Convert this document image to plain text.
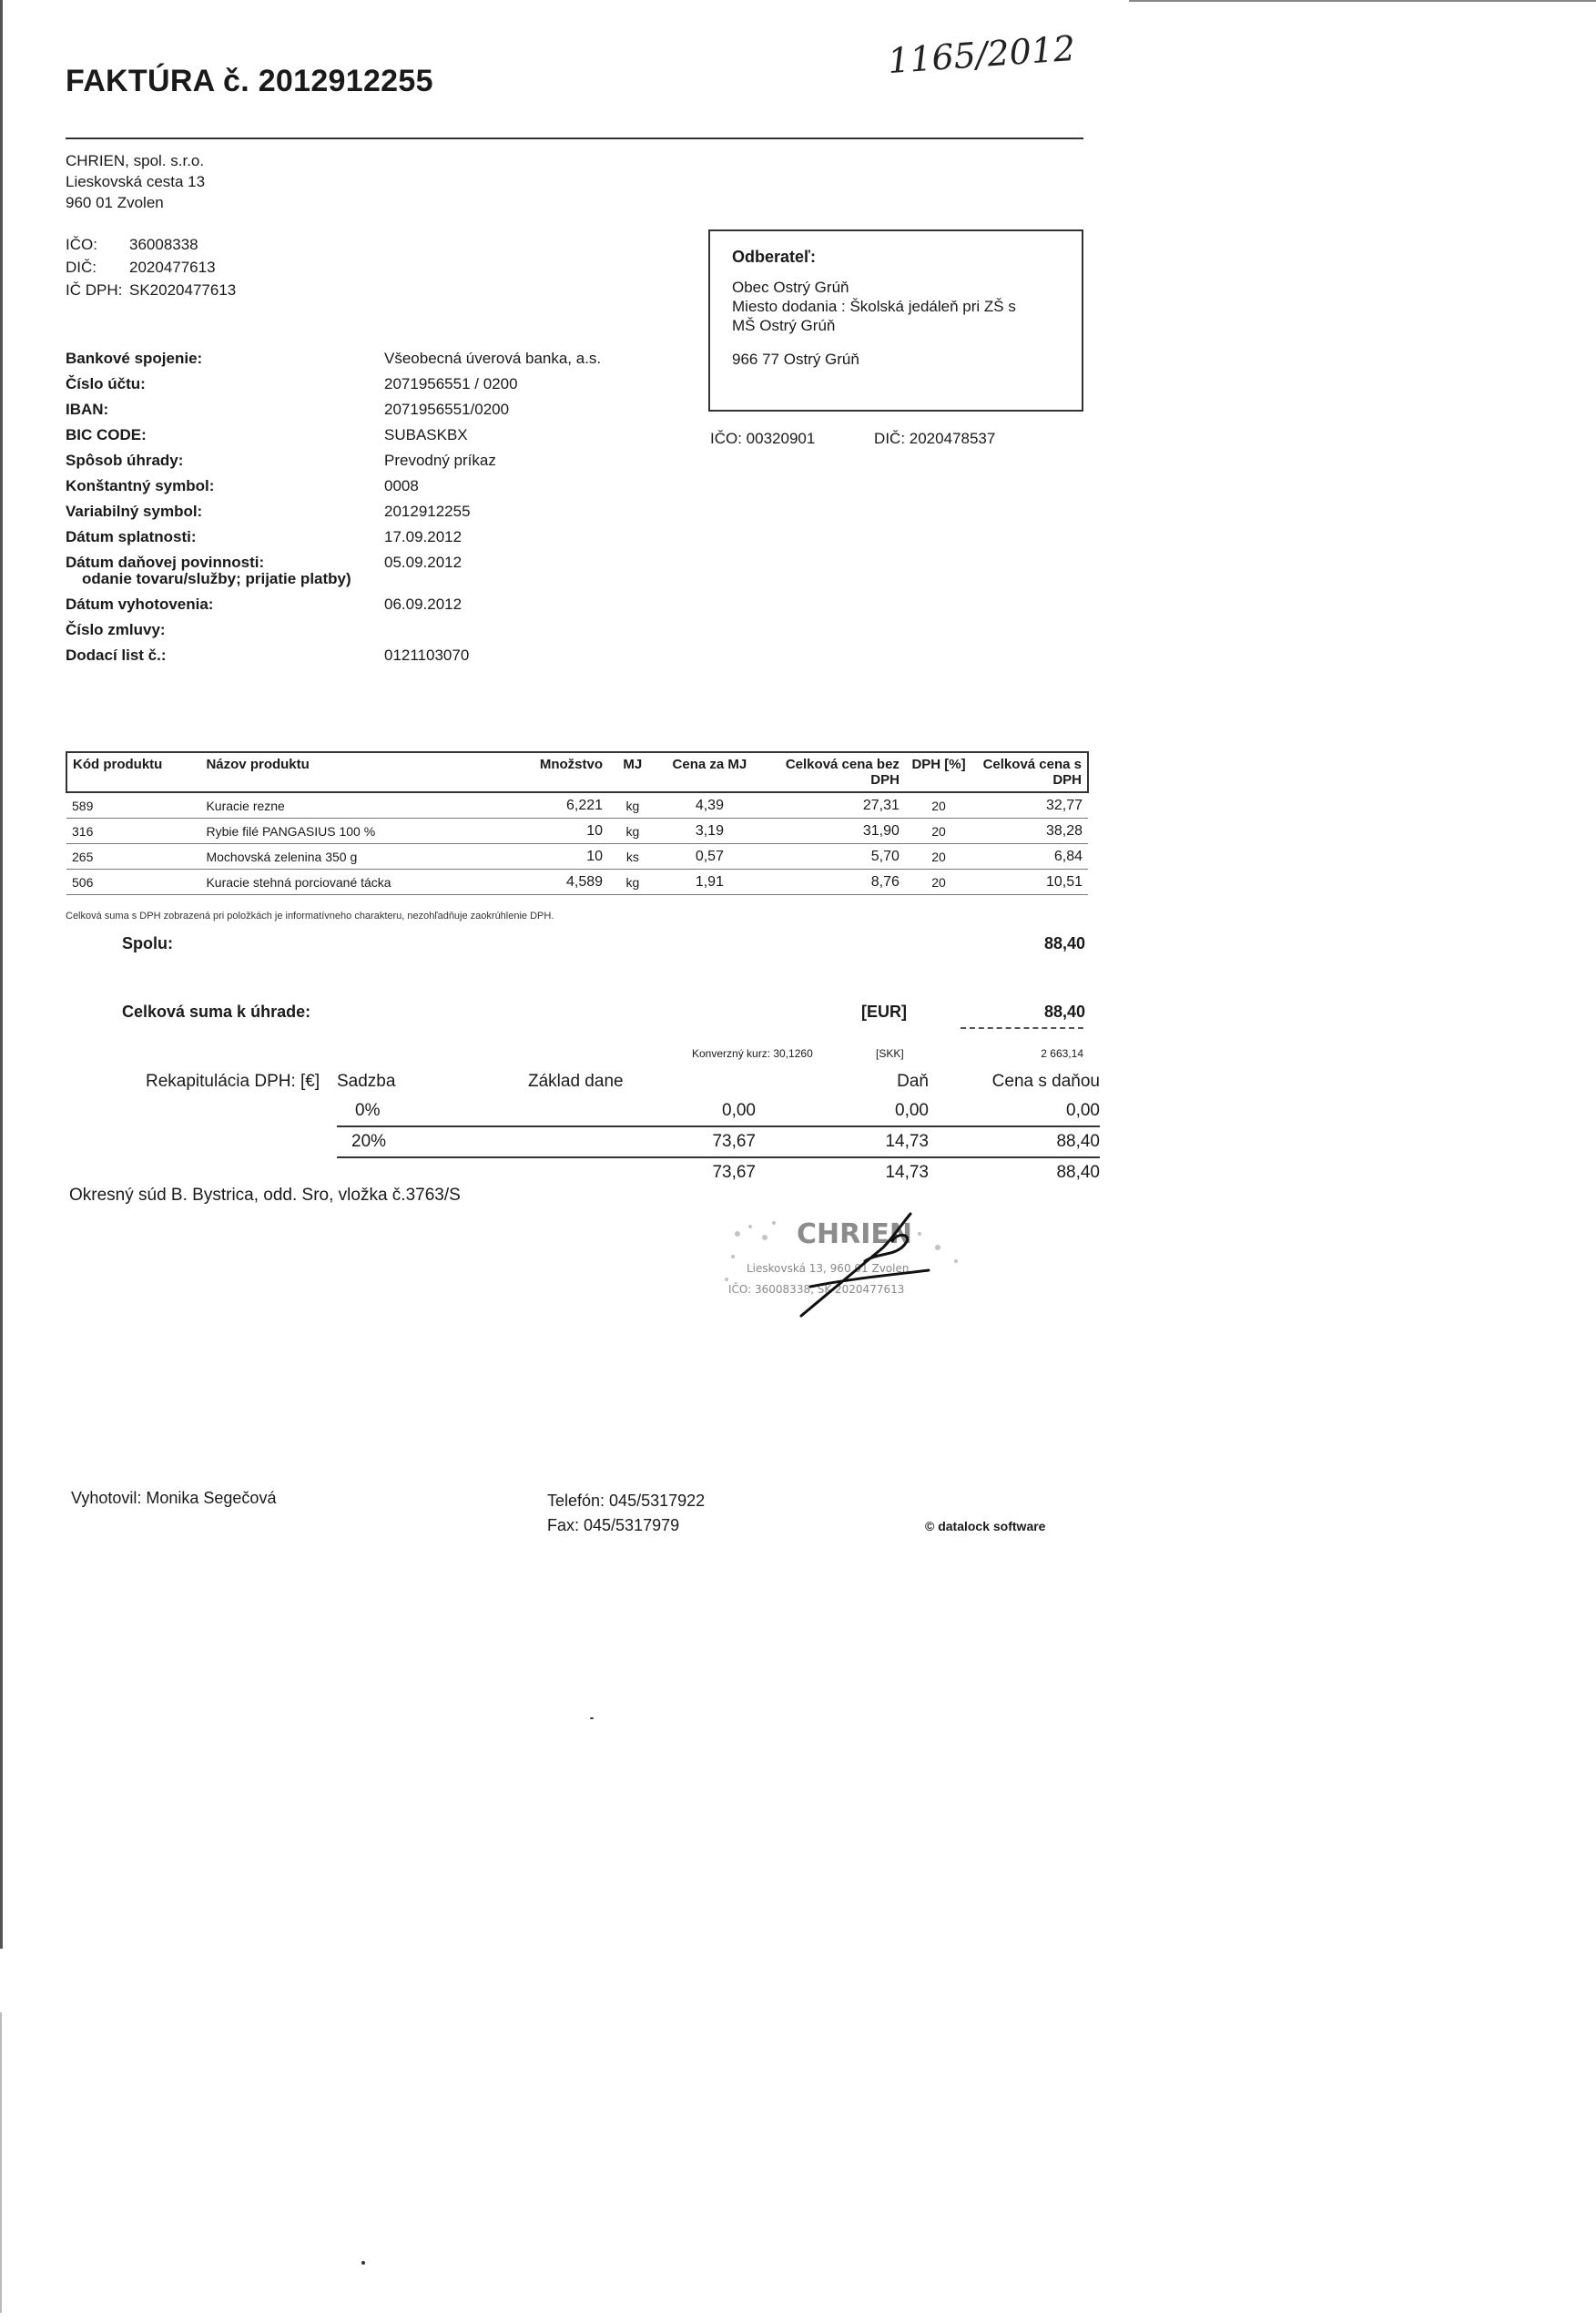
FAKTÚRA č. 2012912255	1165/2012
CHRIEN, spol. s.r.o.
Lieskovská cesta 13
960 01 Zvolen
IČO: 36008338
DIČ: 2020477613
IČ DPH: SK2020477613
Bankové spojenie:	Všeobecná úverová banka, a.s.
Číslo účtu:	2071956551 / 0200
IBAN:	2071956551/0200
BIC CODE:	SUBASKBX
Spôsob úhrady:	Prevodný príkaz
Konštantný symbol:	0008
Variabilný symbol:	2012912255
Dátum splatnosti:	17.09.2012
Dátum daňovej povinnosti:	05.09.2012
odanie tovaru/služby; prijatie platby)
Dátum vyhotovenia:	06.09.2012
Číslo zmluvy:
Dodací list č.:	0121103070
Odberateľ:
Obec Ostrý Grúň
Miesto dodania : Školská jedáleň pri ZŠ s
MŠ Ostrý Grúň
966 77 Ostrý Grúň
IČO: 00320901	DIČ: 2020478537
Kód produktu	Názov produktu	Množstvo	MJ	Cena za MJ	Celková cena bez DPH	DPH [%]	Celková cena s DPH
589	Kuracie rezne	6,221	kg	4,39	27,31	20	32,77
316	Rybie filé PANGASIUS 100 %	10	kg	3,19	31,90	20	38,28
265	Mochovská zelenina 350 g	10	ks	0,57	5,70	20	6,84
506	Kuracie stehná porciované tácka	4,589	kg	1,91	8,76	20	10,51
Celková suma s DPH zobrazená pri položkách je informatívneho charakteru, nezohľadňuje zaokrúhlenie DPH.
Spolu:	88,40
Celková suma k úhrade:	[EUR]	88,40
Konverzný kurz: 30,1260	[SKK]	2 663,14
Rekapitulácia DPH: [€]	Sadzba	Základ dane	Daň	Cena s daňou
	0%	0,00	0,00	0,00
	20%	73,67	14,73	88,40
		73,67	14,73	88,40
Okresný súd B. Bystrica, odd. Sro, vložka č.3763/S
CHRIEN
Lieskovská 13, 960 01 Zvolen
IČO: 36008338, SK 2020477613
Vyhotovil: Monika Segečová	Telefón: 045/5317922
Fax: 045/5317979	© datalock software
